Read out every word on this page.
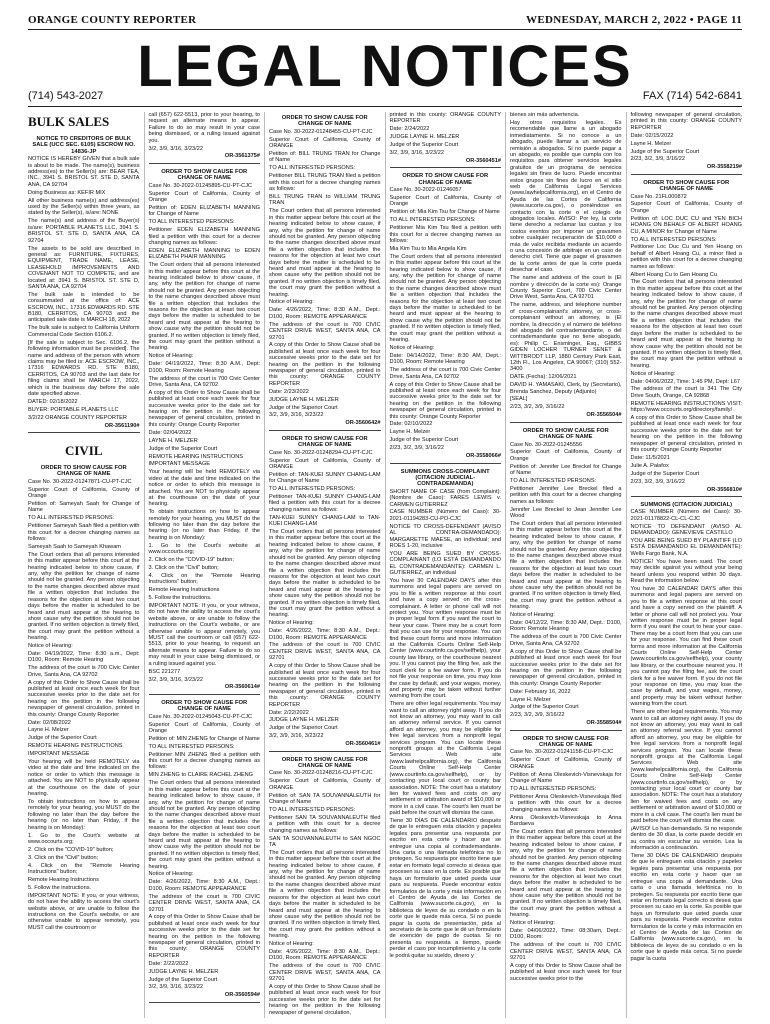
ORANGE COUNTY REPORTER	WEDNESDAY, MARCH 2, 2022 • PAGE 11
LEGAL NOTICES
(714) 543-2027	FAX (714) 542-6841
BULK SALES
NOTICE TO CREDITORS OF BULK SALE (UCC SEC. 6105) ESCROW NO. 14836-JP

NOTICE IS HEREBY GIVEN that a bulk sale is about to be made. The name(s), business address(es) to the Seller(s) are: BEAR TEA, INC., 3941 S. BRISTOL ST. STE D, SANTA ANA, CA 92704

Doing Business as: KEFIR MIX

All other business name(s) and address(es) used by the Seller(s) within three years, as stated by the Seller(s), is/are: NONE

The name(s) and address of the Buyer(s) is/are: PORTABLE PLANETS LLC, 3941 S. BRISTOL ST. STE D, SANTA ANA, CA 92704

The assets to be sold are described in general as: FURNITURE, FIXTURES, EQUIPMENT, TRADE NAME, LEASE, LEASEHOLD IMPROVEMENTS AND COVENANT NOT TO COMPETE, and are located at: 3941 S. BRISTOL ST. STE D, SANTA ANA, CA 92704

The bulk sale is intended to be consummated at the office of: ACE ESCROW, INC., 17316 EDWARDS RD. STE B180, CERRITOS, CA 90703 and the anticipated sale date is MARCH 18, 2022

The bulk sale is subject to California Uniform Commercial Code Section 6106.2.

[If the sale is subject to Sec. 6106.2, the following information must be provided]. The name and address of the person with whom claims may be filed is: ACE ESCROW, INC., 17316 EDWARDS RD. STE B180, CERRITOS, CA 90703 and the last date for filing claims shall be MARCH 17, 2022, which is the business day before the sale date specified above.

DATED: 02/18/2022

BUYER: PORTABLE PLANETS LLC

3/2/22 ORANGE COUNTY REPORTER

OR-3561190#
CIVIL
ORDER TO SHOW CAUSE FOR CHANGE OF NAME

Case No. 30-2022-01247871-CU-PT-CJC

Superior Court of California, County of Orange

Petition of: Sameyah Saah for Change of Name

TO ALL INTERESTED PERSONS:

Petitioner Sameyah Saah filed a petition with this court for a decree changing names as follows:

Sameyah Saah to Sameyah Khawam

The Court orders that all persons interested in this matter appear before this court at the hearing indicated below to show cause, if any, why the petition for change of name should not be granted. Any person objecting to the name changes described above must file a written objection that includes the reasons for the objection at least two court days before the matter is scheduled to be heard and must appear at the hearing to show cause why the petition should not be granted. If no written objection is timely filed, the court may grant the petition without a hearing.

Notice of Hearing:

Date: 04/19/2022, Time: 8:30 a.m., Dept: D100, Room: Remote Hearing

The address of the court is 700 Civic Center Drive, Santa Ana, CA 92702

A copy of this Order to Show Cause shall be published at least once each week for four successive weeks prior to the date set for hearing on the petition in the following newspaper of general circulation, printed in this county: Orange County Reporter

Date: 02/08/2022

Layne H. Melzer

Judge of the Superior Court

REMOTE HEARING INSTRUCTIONS

IMPORTANT MESSAGE

Your hearing will be held REMOTELY via video at the date and time indicated on the notice or order to which this message is attached. You are NOT to physically appear at the courthouse on the date of your hearing.

To obtain instructions on how to appear remotely for your hearing, you MUST do the following no later than the day before the hearing (or no later than Friday, if the hearing is on Monday):

1. Go to the Court's website at www.occourts.org;

2. Click on the "COVID-19" button;

3. Click on the "Civil" button;

4. Click on the "Remote Hearing Instructions" button;

Remote Hearing Instructions

5. Follow the instructions.

IMPORTANT NOTE: If you, or your witness, do not have the ability to access the court's website above, or are unable to follow the instructions on the Court's website, or are otherwise unable to appear remotely, you MUST call the courtroom or

call (657) 622-5513, prior to your hearing, to request an alternate means to appear. Failure to do so may result in your case being dismissed, or a ruling issued against you.

3/2, 3/9, 3/16, 3/23/22

OR-3561375#
ORDER TO SHOW CAUSE FOR CHANGE OF NAME

Case No. 30-2022-01245895-CU-PT-CJC

Superior Court of California, County of Orange

Petition of: EDEN ELIZABETH MANNING for Change of Name

TO ALL INTERESTED PERSONS:

Petitioner EDEN ELIZABETH MANNING filed a petition with this court for a decree changing names as follows:

EDEN ELIZABETH MANNING to EDEN ELIZABETH PHAIR MANNING

The Court orders that all persons interested in this matter appear before this court at the hearing indicated below to show cause, if any, why the petition for change of name should not be granted. Any person objecting to the name changes described above must file a written objection that includes the reasons for the objection at least two court days before the matter is scheduled to be heard and must appear at the hearing to show cause why the petition should not be granted. If no written objection is timely filed, the court may grant the petition without a hearing.

Notice of Hearing:

Date: 04/19/2022, Time: 8:30 A.M., Dept: D100, Room: Remote Hearing

The address of the court is 700 Civic Center Drive, Santa Ana, CA 92702

A copy of this Order to Show Cause shall be published at least once each week for four successive weeks prior to the date set for hearing on the petition in the following newspaper of general circulation, printed in this county: Orange County Reporter

Date: 02/04/2022

LAYNE H. MELZER

Judge of the Superior Court

REMOTE HEARING INSTRUCTIONS

IMPORTANT MESSAGE

Your hearing will be held REMOTELY via video at the date and time indicated on the notice or order to which this message is attached. You are NOT to physically appear at the courthouse on the date of your hearing.

To obtain instructions on how to appear remotely for your hearing, you MUST do the following no later than the day before the hearing (or no later than Friday, if the hearing is on Monday):

1. Go to the Court's website at www.occourts.org;

2. Click on the "COVID-19" button;

3. Click on the "Civil" button;

4. Click on the "Remote Hearing Instructions" button;

Remote Hearing Instructions

5. Follow the instructions.

IMPORTANT NOTE: If you, or your witness, do not have the ability to access the court's website above, or are unable to follow the instructions on the Court's website, or are otherwise unable to appear remotely, you MUST call the courtroom or call (657) 622-5513, prior to your hearing, to request an alternate means to appear. Failure to do so may result in your case being dismissed, or a ruling issued against you.

BSC 221277

3/2, 3/9, 3/16, 3/23/22

OR-3560614#
ORDER TO SHOW CAUSE FOR CHANGE OF NAME

Case No. 30-2022-01245043-CU-PT-CJC

Superior Court of California, County of Orange

Petition of: MIN ZHENG for Change of Name

TO ALL INTERESTED PERSONS:

Petitioner MIN ZHENG filed a petition with this court for a decree changing names as follows:

MIN ZHENG to CLAIRE RACHEL ZHENG

The Court orders that all persons interested in this matter appear before this court at the hearing indicated below to show cause, if any, why the petition for change of name should not be granted. Any person objecting to the name changes described above must file a written objection that includes the reasons for the objection at least two court days before the matter is scheduled to be heard and must appear at the hearing to show cause why the petition should not be granted. If no written objection is timely filed, the court may grant the petition without a hearing.

Notice of Hearing:

Date: 4/26/2022, Time: 8:30 A.M., Dept.: D100, Room: REMOTE APPEARANCE

The address of the court is 700 CIVIC CENTER DRIVE WEST, SANTA ANA, CA 92701

A copy of this Order to Show Cause shall be published at least once each week for four successive weeks prior to the date set for hearing on the petition in the following newspaper of general circulation, printed in this county: ORANGE COUNTY REPORTER

Date: 2/22/2022

JUDGE LAYNE H. MELZER

Judge of the Superior Court

3/2, 3/9, 3/16, 3/23/22

OR-3560594#
ORDER TO SHOW CAUSE FOR CHANGE OF NAME

Case No. 30-2022-01248455-CU-PT-CJC

Superior Court of California, County of ORANGE

Petition of: BILL TRUNG TRAN for Change of Name

TO ALL INTERESTED PERSONS:

Petitioner BILL TRUNG TRAN filed a petition with this court for a decree changing names as follows:

BILL TRUNG TRAN to WILLIAM TRUNG TRAN

The Court orders that all persons interested in this matter appear before this court at the hearing indicated below to show cause, if any, why the petition for change of name should not be granted. Any person objecting to the name changes described above must file a written objection that includes the reasons for the objection at least two court days before the matter is scheduled to be heard and must appear at the hearing to show cause why the petition should not be granted. If no written objection is timely filed, the court may grant the petition without a hearing.

Notice of Hearing:

Date: 4/26/2022, Time: 8:30 A.M., Dept.: D100, Room: REMOTE APPEARANCE

The address of the court is 700 CIVIC CENTER DRIVE WEST, SANTA ANA, CA 92701

A copy of this Order to Show Cause shall be published at least once each week for four successive weeks prior to the date set for hearing on the petition in the following newspaper of general circulation, printed in this county: ORANGE COUNTY REPORTER

Date: 2/23/2022

JUDGE LAYNE H. MELZER

Judge of the Superior Court

3/2, 3/9, 3/16, 3/23/22

OR-3560642#
ORDER TO SHOW CAUSE FOR CHANGE OF NAME

Case No. 30-2022-01248294-CU-PT-CJC

Superior Court of California, County of ORANGE

Petition of: TAN-KUEI SUNNY CHANG-LAM for Change of Name

TO ALL INTERESTED PERSONS:

Petitioner TAN-KUEI SUNNY CHANG-LAM filed a petition with this court for a decree changing names as follows:

TAN-KUEI SUNNY CHANG-LAM to TAN-KUEI CHANG-LAM

The Court orders that all persons interested in this matter appear before this court at the hearing indicated below to show cause, if any, why the petition for change of name should not be granted. Any person objecting to the name changes described above must file a written objection that includes the reasons for the objection at least two court days before the matter is scheduled to be heard and must appear at the hearing to show cause why the petition should not be granted. If no written objection is timely filed, the court may grant the petition without a hearing.

Notice of Hearing:

Date: 4/26/2022, Time: 8:30 A.M., Dept.: D100, Room: REMOTE APPEARANCE

The address of the court is 700 CIVIC CENTER DRIVE WEST, SANTA ANA, CA 92701

A copy of this Order to Show Cause shall be published at least once each week for four successive weeks prior to the date set for hearing on the petition in the following newspaper of general circulation, printed in this county: ORANGE COUNTY REPORTER

Date: 2/22/2022

JUDGE LAYNE H. MELZER

Judge of the Superior Court

3/2, 3/9, 3/16, 3/23/22

OR-3560461#
ORDER TO SHOW CAUSE FOR CHANGE OF NAME

Case No. 30-2022-01248216-CU-PT-CJC

Superior Court of California, County of ORANGE

Petition of: SAN TA SOUVANNALEUTH for Change of Name

TO ALL INTERESTED PERSONS:

Petitioner SAN TA SOUVANNALEUTH filed a petition with this court for a decree changing names as follows:

SAN TA SOUVANNALEUTH to SAN NGOC TA

The Court orders that all persons interested in this matter appear before this court at the hearing indicated below to show cause, if any, why the petition for change of name should not be granted. Any person objecting to the name changes described above must file a written objection that includes the reasons for the objection at least two court days before the matter is scheduled to be heard and must appear at the hearing to show cause why the petition should not be granted. If no written objection is timely filed, the court may grant the petition without a hearing.

Notice of Hearing:

Date: 4/26/2022, Time: 8:30 A.M., Dept.: D100, Room: REMOTE APPEARANCE

The address of the court is 700 CIVIC CENTER DRIVE WEST, SANTA ANA, CA 92701

A copy of this Order to Show Cause shall be published at least once each week for four successive weeks prior to the date set for hearing on the petition in the following newspaper of general circulation,

printed in this county: ORANGE COUNTY REPORTER

Date: 2/24/2022

JUDGE LAYNE H. MELZER

Judge of the Superior Court

3/2, 3/9, 3/16, 3/23/22

OR-3560451#
ORDER TO SHOW CAUSE FOR CHANGE OF NAME

Case No. 30-2022-01246057

Superior Court of California, County of Orange

Petition of: Mia Kim Tsu for Change of Name

TO ALL INTERESTED PERSONS:

Petitioner Mia Kim Tsu filed a petition with this court for a decree changing names as follows:

Mia Kim Tsu to Mia Angela Kim

The Court orders that all persons interested in this matter appear before this court at the hearing indicated below to show cause, if any, why the petition for change of name should not be granted. Any person objecting to the name changes described above must file a written objection that includes the reasons for the objection at least two court days before the matter is scheduled to be heard and must appear at the hearing to show cause why the petition should not be granted. If no written objection is timely filed, the court may grant the petition without a hearing.

Notice of Hearing:

Date: 04/14/2022, Time: 8:30 AM, Dept.: D100, Room: Remote Hearing

The address of the court is 700 Civic Center Drive, Santa Ana, CA 92702

A copy of this Order to Show Cause shall be published at least once each week for four successive weeks prior to the date set for hearing on the petition in the following newspaper of general circulation, printed in this county: Orange County Reporter

Date: 02/10/2022

Layne H. Melzer

Judge of the Superior Court

2/23, 3/2, 3/9, 3/16/22

OR-3558066#
SUMMONS CROSS-COMPLAINT (CITACION JUDICIAL-CONTRADEMANDA)

SHORT NAME OF CASE (from Complaint): (Nombre de Caso): FARES LEWIS v. CARMEN GUTIERREZ

CASE NUMBER (Número del Caso): 30-2021-01194283-CU-PO-CJC

NOTICE TO CROSS-DEFENDANT (AVISO AL CONTRA-DEMANDADO): MARGARETTE MAESE, an individual; and ROES 1-20, inclusive

YOU ARE BEING SUED BY CROSS-COMPLAINANT (LO ESTÁ DEMANDANDO EL CONTRADEMANDANTE): CARMEN L. GUTIERREZ, an individual

You have 30 CALENDAR DAYS after this summons and legal papers are served on you to file a written response at this court and have a copy served on the cross-complainant. A letter or phone call will not protect you. Your written response must be in proper legal form if you want the court to hear your case. There may be a court form that you can use for your response. You can find these court forms and more information at the California Courts Online Self-Help Center (www.courtinfo.ca.gov/selfhelp), your county law library, or the courthouse nearest you. If you cannot pay the filing fee, ask the court clerk for a fee waiver form. If you do not file your response on time, you may lose the case by default, and your wages, money, and property may be taken without further warning from the court.

There are other legal requirements. You may want to call an attorney right away. If you do not know an attorney, you may want to call an attorney referral service. If you cannot afford an attorney, you may be eligible for free legal services from a nonprofit legal services program. You can locate these nonprofit groups at the California Legal Services Web site (www.lawhelpcalifornia.org), the California Courts Online Self-Help Center (www.courtinfo.ca.gov/selfhelp), or by contacting your local court or county bar association. NOTE: The court has a statutory lien for waived fees and costs on any settlement or arbitration award of $10,000 or more in a civil case. The court's lien must be paid before the court will dismiss the case.

Tiene 30 DÍAS DE CALENDARIO después de que le entreguen esta citación y papeles legales para presentar una respuesta por escrito en esta corte y hacer que se entregue una copia al contrademandante. Una carta o una llamada telefónica no lo protegen. Su respuesta por escrito tiene que estar en formato legal correcto si desea que procesen su caso en la corte. Es posible que haya un formulario que usted pueda usar para su respuesta. Puede encontrar estos formularios de la corte y más información en el Centro de Ayuda de las Cortes de California (www.sucorte.ca.gov), en la biblioteca de leyes de su condado o en la corte que le quede más cerca. Si no puede pagar la cuota de presentación, pida al secretario de la corte que le dé un formulario de exención de pago de cuotas. Si no presenta su respuesta a tiempo, puede perder el caso por incumplimiento y la corte le podrá quitar su sueldo, dinero y

bienes sin más advertencia.

Hay otros requisitos legales. Es recomendable que llame a un abogado inmediatamente. Si no conoce a un abogado, puede llamar a un servicio de remisión a abogados. Si no puede pagar a un abogado, es posible que cumpla con los requisitos para obtener servicios legales gratuitos de un programa de servicios legales sin fines de lucro. Puede encontrar estos grupos sin fines de lucro en el sitio web de California Legal Services (www.lawhelpcalifornia.org), en el Centro de Ayuda de las Cortes de California (www.sucorte.ca.gov), o poniéndose en contacto con la corte o el colegio de abogados locales. AVISO: Por ley, la corte tiene derecho a reclamar las cuotas y los costos exentos por imponer un gravamen sobre cualquier recuperación de $10,000 ó más de valor recibida mediante un acuerdo o una concesión de arbitraje en un caso de derecho civil. Tiene que pagar el gravamen de la corte antes de que la corte pueda desechar el caso.

The name and address of the court is (El nombre y dirección de la corte es): Orange County Superior Court, 700 Civic Center Drive West, Santa Ana, CA 92701

The name, address, and telephone number of cross-complainant's attorney, or cross-complainant without an attorney, is (El nombre, la dirección y el número de teléfono del abogado del contrademandante, o del contrademandante que no tiene abogado, es): Philip C. Ensminger, Esq., GIBBS GIDEN LOCHER TURNER SENET & WITTBRODT LLP, 1880 Century Park East, 12th Fl., Los Angeles, CA 90067; (310) 552-3400

DATE (Fecha): 12/06/2021

DAVID H. YAMASAKI, Clerk, by (Secretario), Brenda Sanchez, Deputy (Adjunto)

[SEAL]

2/23, 3/2, 3/9, 3/16/22

OR-3556504#
ORDER TO SHOW CAUSE FOR CHANGE OF NAME

Case No. 30-2022-01245556

Superior Court of California, County of Orange

Petition of: Jennifer Lee Breckel for Change of Name

TO ALL INTERESTED PERSONS:

Petitioner Jennifer Lee Breckel filed a petition with this court for a decree changing names as follows:

Jennifer Lee Breckel to Jean Jennifer Lee Wood

The Court orders that all persons interested in this matter appear before this court at the hearing indicated below to show cause, if any, why the petition for change of name should not be granted. Any person objecting to the name changes described above must file a written objection that includes the reasons for the objection at least two court days before the matter is scheduled to be heard and must appear at the hearing to show cause why the petition should not be granted. If no written objection is timely filed, the court may grant the petition without a hearing.

Notice of Hearing:

Date: 04/12/22, Time: 8:30 AM, Dept.: D100, Room: Remote Hearing

The address of the court is 700 Civic Center Drive, Santa Ana, CA 92702

A copy of this Order to Show Cause shall be published at least once each week for four successive weeks prior to the date set for hearing on the petition in the following newspaper of general circulation, printed in this county: Orange County Reporter

Date: February 16, 2022

Layne H. Melzer

Judge of the Superior Court

2/23, 3/2, 3/9, 3/16/22

OR-3558504#
ORDER TO SHOW CAUSE FOR CHANGE OF NAME

Case No. 30-2022-01241158-CU-PT-CJC

Superior Court of California, County of ORANGE

Petition of: Anna Oleskevich-Visnevskaja for Change of Name

TO ALL INTERESTED PERSONS:

Petitioner Anna Oleskevich-Visnevskaja filed a petition with this court for a decree changing names as follows:

Anna Oleskevich-Visnevskaja to Anna Bardaeva

The Court orders that all persons interested in this matter appear before this court at the hearing indicated below to show cause, if any, why the petition for change of name should not be granted. Any person objecting to the name changes described above must file a written objection that includes the reasons for the objection at least two court days before the matter is scheduled to be heard and must appear at the hearing to show cause why the petition should not be granted. If no written objection is timely filed, the court may grant the petition without a hearing.

Notice of Hearing:

Date: 04/06/2022, Time: 08:30am, Dept.: D100, Room:

The address of the court is 700 CIVIC CENTER DRIVE WEST, SANTA ANA, CA 92701

A copy of this Order to Show Cause shall be published at least once each week for four successive weeks prior to the

following newspaper of general circulation, printed in this county: ORANGE COUNTY REPORTER

Date: 02/15/2022

Layne H. Melzer

Judge of the Superior Court

2/23, 3/2, 3/9, 3/16/22

OR-3558219#
ORDER TO SHOW CAUSE FOR CHANGE OF NAME

Case No. 21FL000872

Superior Court of California, County of Orange

Petition of: LOC DUC CU and YEN BICH HOANG ON BEHALF OF ALBERT HOANG CU, A MINOR for Change of Name

TO ALL INTERESTED PERSONS:

Petitioner Loc Duc Cu and Yen Hoang on behalf of Albert Hoang Cu, a minor filed a petition with this court for a decree changing names as follows:

Albert Hoang Cu to Gen Hoang Cu

The Court orders that all persons interested in this matter appear before this court at the hearing indicated below to show cause, if any, why the petition for change of name should not be granted. Any person objecting to the name changes described above must file a written objection that includes the reasons for the objection at least two court days before the matter is scheduled to be heard and must appear at the hearing to show cause why the petition should not be granted. If no written objection is timely filed, the court may grant the petition without a hearing.

Notice of Hearing:

Date: 04/06/2022, Time: 1:45 PM, Dept: L67

The address of the court is 341 The City Drive South, Orange, CA 92868

REMOTE HEARING INSTRUCTIONS VISIT: https://www.occourts.org/directory/family/

A copy of this Order to Show Cause shall be published at least once each week for four successive weeks prior to the date set for hearing on the petition in the following newspaper of general circulation, printed in this county: Orange County Reporter

Date: 11/5/2021

Julie A. Palafox

Judge of the Superior Court

2/23, 3/2, 3/9, 3/16/22

OR-3556810#
SUMMONS (CITACION JUDICIAL)

CASE NUMBER (Número del Caso): 30-2021-01178822-CL-CL-CJC

NOTICE TO DEFENDANT (AVISO AL DEMANDADO): GENEVIEVE CASTILLO

YOU ARE BEING SUED BY PLAINTIFF (LO ESTÁ DEMANDANDO EL DEMANDANTE): Wells Fargo Bank, N.A.

NOTICE! You have been sued. The court may decide against you without your being heard unless you respond within 30 days. Read the information below.

You have 30 CALENDAR DAYS after this summons and legal papers are served on you to file a written response at this court and have a copy served on the plaintiff. A letter or phone call will not protect you. Your written response must be in proper legal form if you want the court to hear your case. There may be a court form that you can use for your response. You can find these court forms and more information at the California Courts Online Self-Help Center (www.courtinfo.ca.gov/selfhelp), your county law library, or the courthouse nearest you. If you cannot pay the filing fee, ask the court clerk for a fee waiver form. If you do not file your response on time, you may lose the case by default, and your wages, money, and property may be taken without further warning from the court.

There are other legal requirements. You may want to call an attorney right away. If you do not know an attorney, you may want to call an attorney referral service. If you cannot afford an attorney, you may be eligible for free legal services from a nonprofit legal services program. You can locate these nonprofit groups at the California Legal Services Web site (www.lawhelpcalifornia.org), the California Courts Online Self-Help Center (www.courtinfo.ca.gov/selfhelp), or by contacting your local court or county bar association. NOTE: The court has a statutory lien for waived fees and costs on any settlement or arbitration award of $10,000 or more in a civil case. The court's lien must be paid before the court will dismiss the case.

¡AVISO! Lo han demandado. Si no responde dentro de 30 días, la corte puede decidir en su contra sin escuchar su versión. Lea la información a continuación.

Tiene 30 DÍAS DE CALENDARIO después de que le entreguen esta citación y papeles legales para presentar una respuesta por escrito en esta corte y hacer que se entregue una copia al demandante. Una carta o una llamada telefónica no lo protegen. Su respuesta por escrito tiene que estar en formato legal correcto si desea que procesen su caso en la corte. Es posible que haya un formulario que usted pueda usar para su respuesta. Puede encontrar estos formularios de la corte y más información en el Centro de Ayuda de las Cortes de California (www.sucorte.ca.gov), en la biblioteca de leyes de su condado o en la corte que le quede más cerca. Si no puede pagar la cuota
